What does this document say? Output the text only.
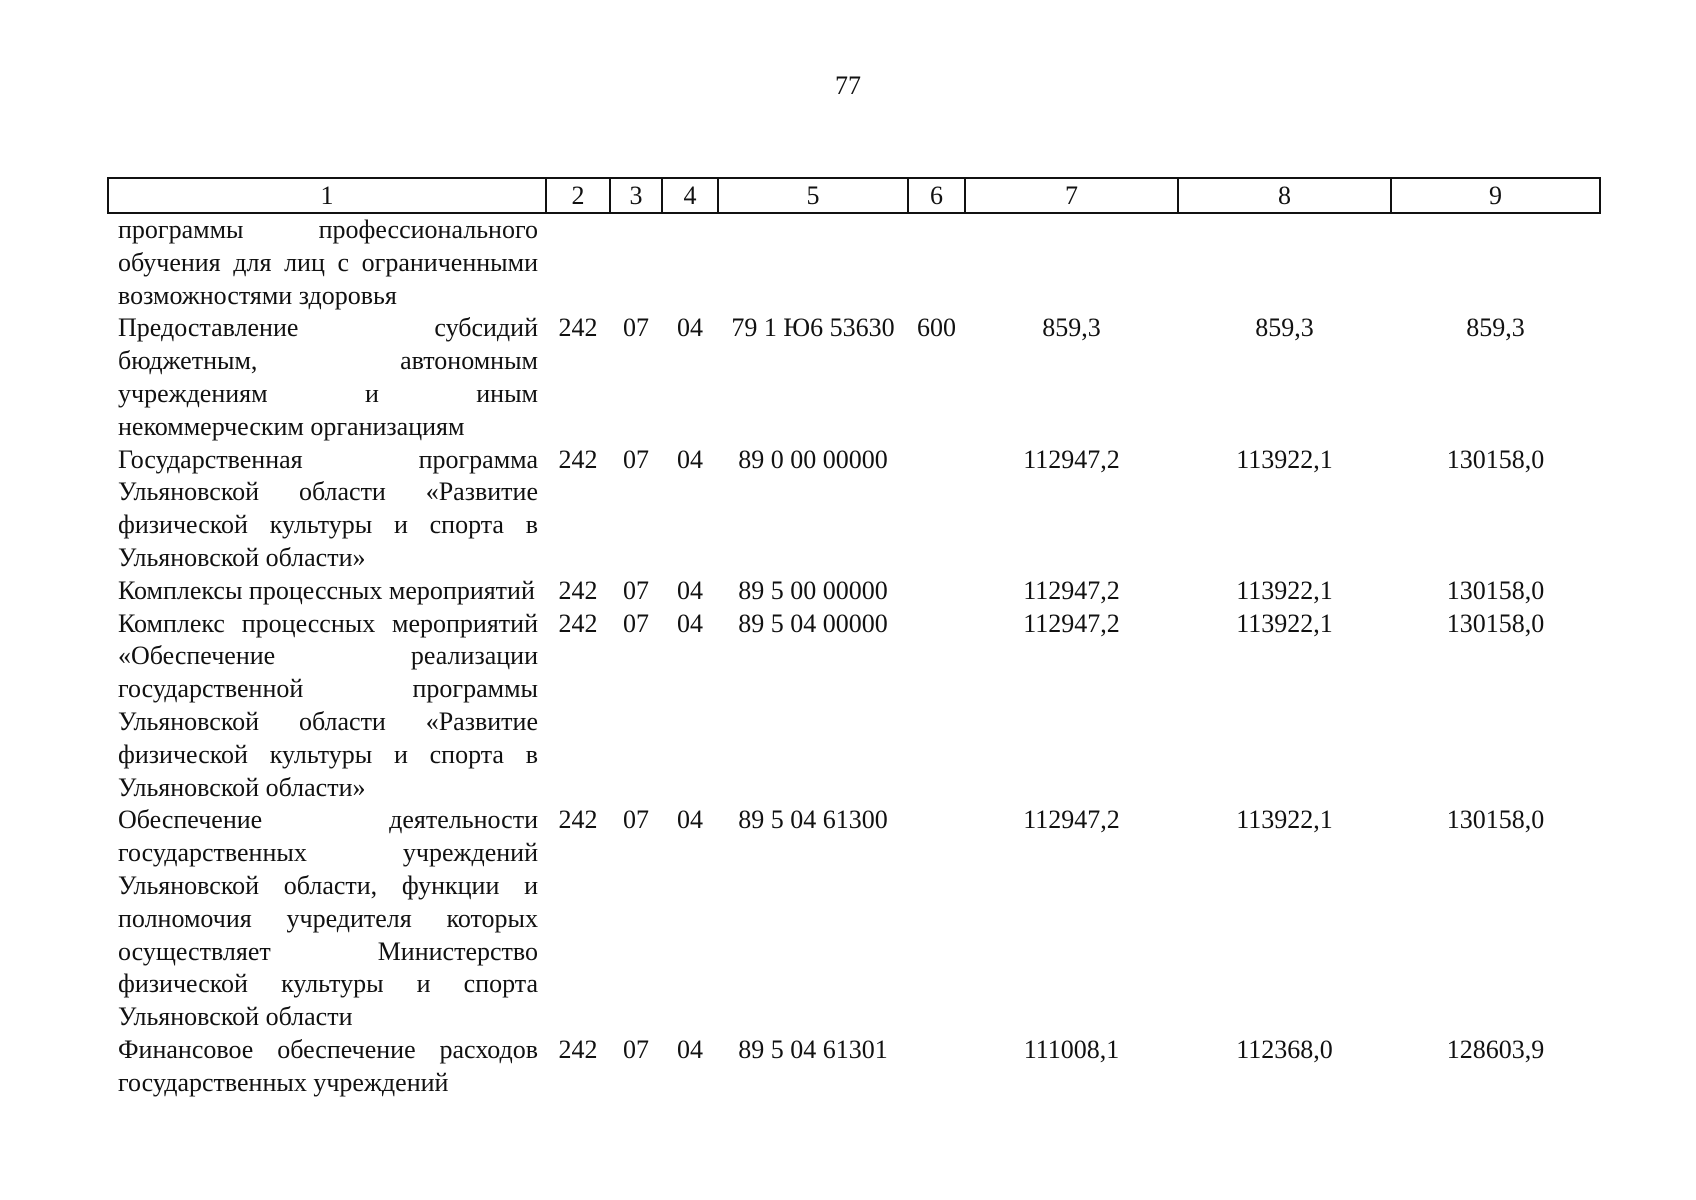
77
1	2	3	4	5	6	7	8	9
программы профессионального обучения для лиц с ограниченными возможностями здоровья								
Предоставление субсидий бюджетным, автономным учреждениям и иным некоммерческим организациям	242	07	04	79 1 Ю6 53630	600	859,3	859,3	859,3
Государственная программа Ульяновской области «Развитие физической культуры и спорта в Ульяновской области»	242	07	04	89 0 00 00000		112947,2	113922,1	130158,0
Комплексы процессных мероприятий	242	07	04	89 5 00 00000		112947,2	113922,1	130158,0
Комплекс процессных мероприятий «Обеспечение реализации государственной программы Ульяновской области «Развитие физической культуры и спорта в Ульяновской области»	242	07	04	89 5 04 00000		112947,2	113922,1	130158,0
Обеспечение деятельности государственных учреждений Ульяновской области, функции и полномочия учредителя которых осуществляет Министерство физической культуры и спорта Ульяновской области	242	07	04	89 5 04 61300		112947,2	113922,1	130158,0
Финансовое обеспечение расходов государственных учреждений	242	07	04	89 5 04 61301		111008,1	112368,0	128603,9
